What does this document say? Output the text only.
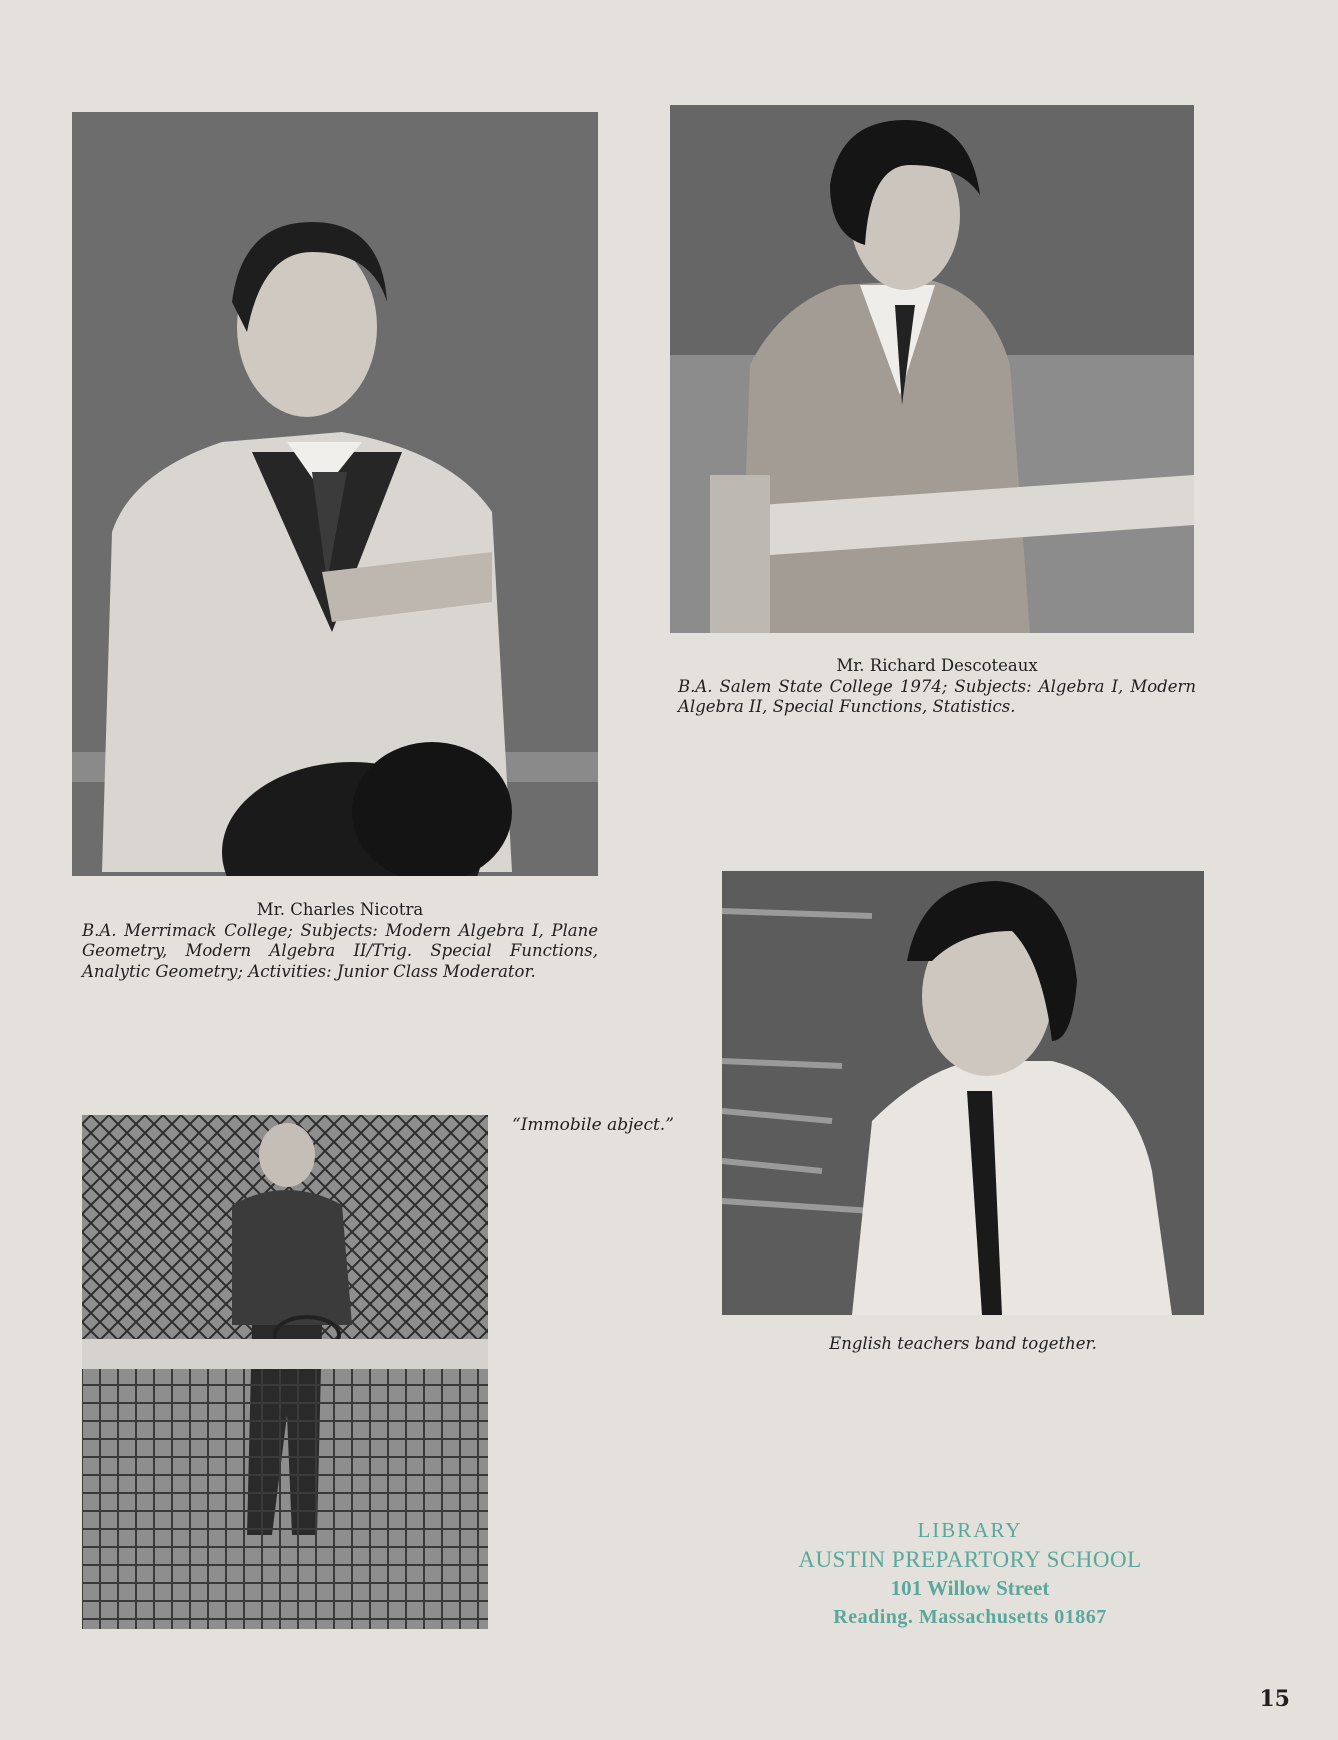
Mr. Richard Descoteaux
B.A. Salem State College 1974; Subjects: Algebra I, Modern Algebra II, Special Functions, Statistics.
Mr. Charles Nicotra
B.A. Merrimack College; Subjects: Modern Algebra I, Plane Geometry, Modern Algebra II/Trig. Special Functions, Analytic Geometry; Activities: Junior Class Moderator.
English teachers band together.
“Immobile abject.”
LIBRARY
AUSTIN PREPARTORY SCHOOL
101 Willow Street
Reading. Massachusetts 01867
15
